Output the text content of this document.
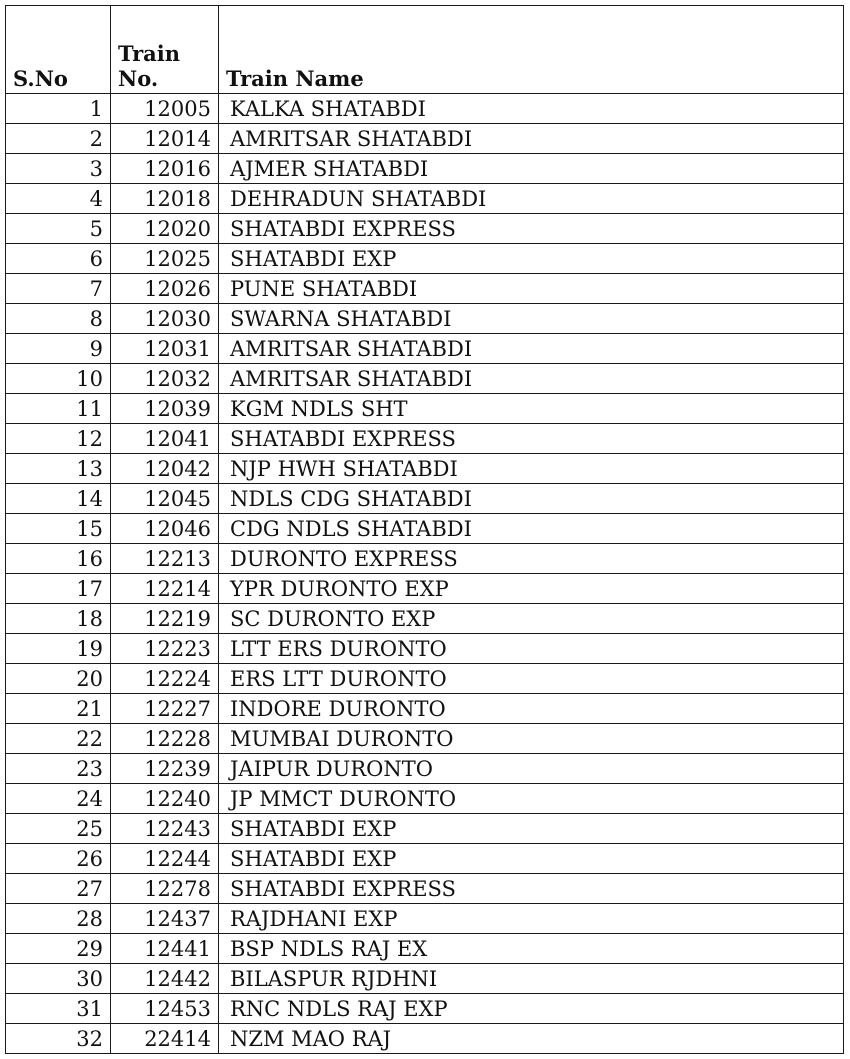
S.No	Train No.	Train Name
1	12005	KALKA SHATABDI
2	12014	AMRITSAR SHATABDI
3	12016	AJMER SHATABDI
4	12018	DEHRADUN SHATABDI
5	12020	SHATABDI EXPRESS
6	12025	SHATABDI EXP
7	12026	PUNE SHATABDI
8	12030	SWARNA SHATABDI
9	12031	AMRITSAR SHATABDI
10	12032	AMRITSAR SHATABDI
11	12039	KGM NDLS SHT
12	12041	SHATABDI EXPRESS
13	12042	NJP HWH SHATABDI
14	12045	NDLS CDG SHATABDI
15	12046	CDG NDLS SHATABDI
16	12213	DURONTO EXPRESS
17	12214	YPR DURONTO EXP
18	12219	SC DURONTO EXP
19	12223	LTT ERS DURONTO
20	12224	ERS LTT DURONTO
21	12227	INDORE DURONTO
22	12228	MUMBAI DURONTO
23	12239	JAIPUR DURONTO
24	12240	JP MMCT DURONTO
25	12243	SHATABDI EXP
26	12244	SHATABDI EXP
27	12278	SHATABDI EXPRESS
28	12437	RAJDHANI EXP
29	12441	BSP NDLS RAJ EX
30	12442	BILASPUR RJDHNI
31	12453	RNC NDLS RAJ EXP
32	22414	NZM MAO RAJ
